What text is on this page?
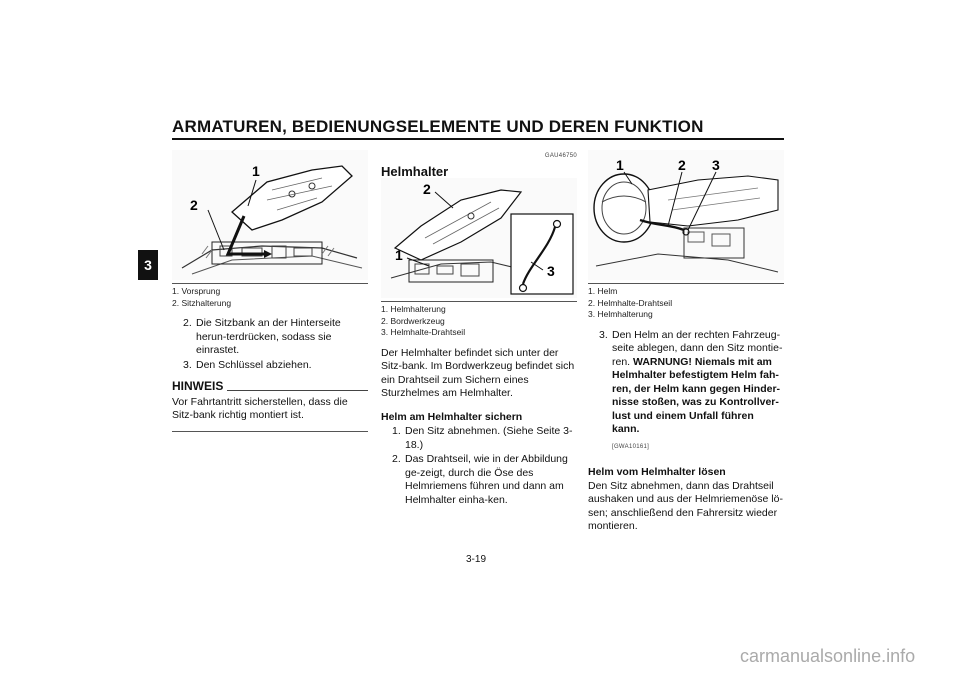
ARMATUREN, BEDIENUNGSELEMENTE UND DEREN FUNKTION
3
1
2
1. Vorsprung
2. Sitzhalterung
2. Die Sitzbank an der Hinterseite herun-terdrücken, sodass sie einrastet.
3. Den Schlüssel abziehen.
HINWEIS

Vor Fahrtantritt sicherstellen, dass die Sitz-bank richtig montiert ist.

GAU46750
Helmhalter
2
1
3
1. Helmhalterung
2. Bordwerkzeug
3. Helmhalte-Drahtseil

Der Helmhalter befindet sich unter der Sitz-bank. Im Bordwerkzeug befindet sich ein Drahtseil zum Sichern eines Sturzhelmes am Helmhalter.

Helm am Helmhalter sichern
1. Den Sitz abnehmen. (Siehe Seite 3-18.)
2. Das Drahtseil, wie in der Abbildung ge-zeigt, durch die Öse des Helmriemens führen und dann am Helmhalter einha-ken.
1	2 3
1. Helm
2. Helmhalte-Drahtseil
3. Helmhalterung
3. Den Helm an der rechten Fahrzeug-seite ablegen, dann den Sitz montie-ren. WARNUNG! Niemals mit am Helmhalter befestigtem Helm fah-ren, der Helm kann gegen Hinder-nisse stoßen, was zu Kontrollver-lust und einem Unfall führen kann.
[GWA10161]
Helm vom Helmhalter lösen

Den Sitz abnehmen, dann das Drahtseil aushaken und aus der Helmriemenöse lö-sen; anschließend den Fahrersitz wieder montieren.

3-19
carmanualsonline.info
